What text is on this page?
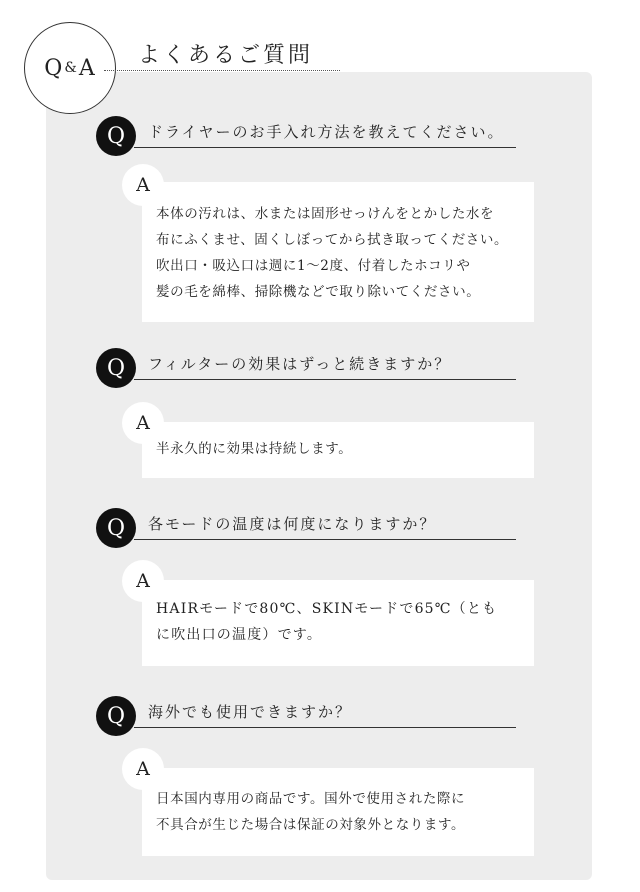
Q & A よくあるご質問
Q	ドライヤーのお手入れ方法を教えてください。
本体の汚れは、水または固形せっけんをとかした水を
布にふくませ、固くしぼってから拭き取ってください。
吹出口・吸込口は週に1〜2度、付着したホコリや
髪の毛を綿棒、掃除機などで取り除いてください。
A
Q	フィルターの効果はずっと続きますか？
半永久的に効果は持続します。
A
Q	各モードの温度は何度になりますか？
HAIRモードで80℃、SKINモードで65℃（とも
に吹出口の温度）です。
A
Q	海外でも使用できますか？
日本国内専用の商品です。国外で使用された際に
不具合が生じた場合は保証の対象外となります。
A
